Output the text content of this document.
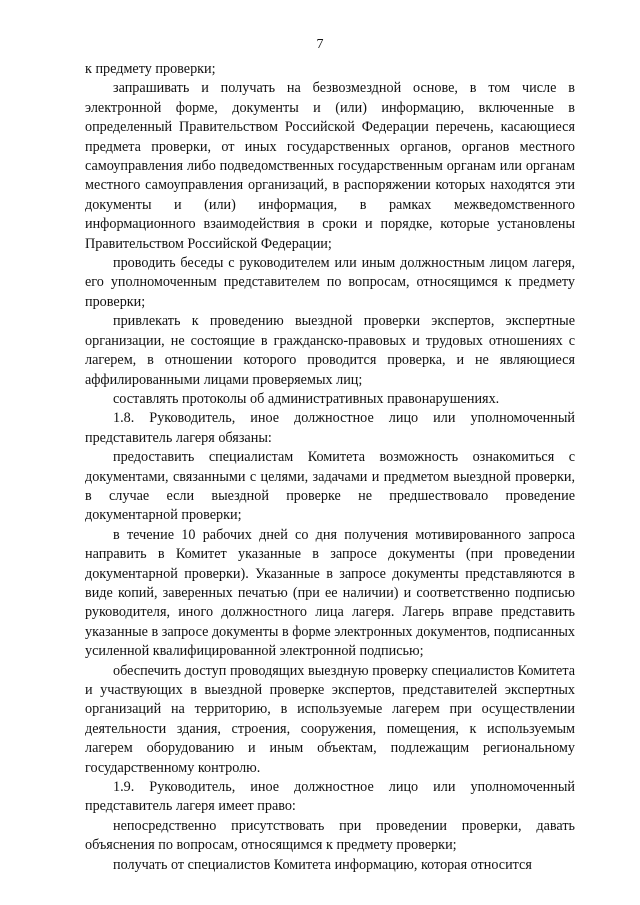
7

к предмету проверки;

запрашивать и получать на безвозмездной основе, в том числе в электронной форме, документы и (или) информацию, включенные в определенный Правительством Российской Федерации перечень, касающиеся предмета проверки, от иных государственных органов, органов местного самоуправления либо подведомственных государственным органам или органам местного самоуправления организаций, в распоряжении которых находятся эти документы и (или) информация, в рамках межведомственного информационного взаимодействия в сроки и порядке, которые установлены Правительством Российской Федерации;

проводить беседы с руководителем или иным должностным лицом лагеря, его уполномоченным представителем по вопросам, относящимся к предмету проверки;

привлекать к проведению выездной проверки экспертов, экспертные организации, не состоящие в гражданско-правовых и трудовых отношениях с лагерем, в отношении которого проводится проверка, и не являющиеся аффилированными лицами проверяемых лиц;

составлять протоколы об административных правонарушениях.

1.8. Руководитель, иное должностное лицо или уполномоченный представитель лагеря обязаны:

предоставить специалистам Комитета возможность ознакомиться с документами, связанными с целями, задачами и предметом выездной проверки, в случае если выездной проверке не предшествовало проведение документарной проверки;

в течение 10 рабочих дней со дня получения мотивированного запроса направить в Комитет указанные в запросе документы (при проведении документарной проверки). Указанные в запросе документы представляются в виде копий, заверенных печатью (при ее наличии) и соответственно подписью руководителя, иного должностного лица лагеря. Лагерь вправе представить указанные в запросе документы в форме электронных документов, подписанных усиленной квалифицированной электронной подписью;

обеспечить доступ проводящих выездную проверку специалистов Комитета и участвующих в выездной проверке экспертов, представителей экспертных организаций на территорию, в используемые лагерем при осуществлении деятельности здания, строения, сооружения, помещения, к используемым лагерем оборудованию и иным объектам, подлежащим региональному государственному контролю.

1.9. Руководитель, иное должностное лицо или уполномоченный представитель лагеря имеет право:

непосредственно присутствовать при проведении проверки, давать объяснения по вопросам, относящимся к предмету проверки;

получать от специалистов Комитета информацию, которая относится
